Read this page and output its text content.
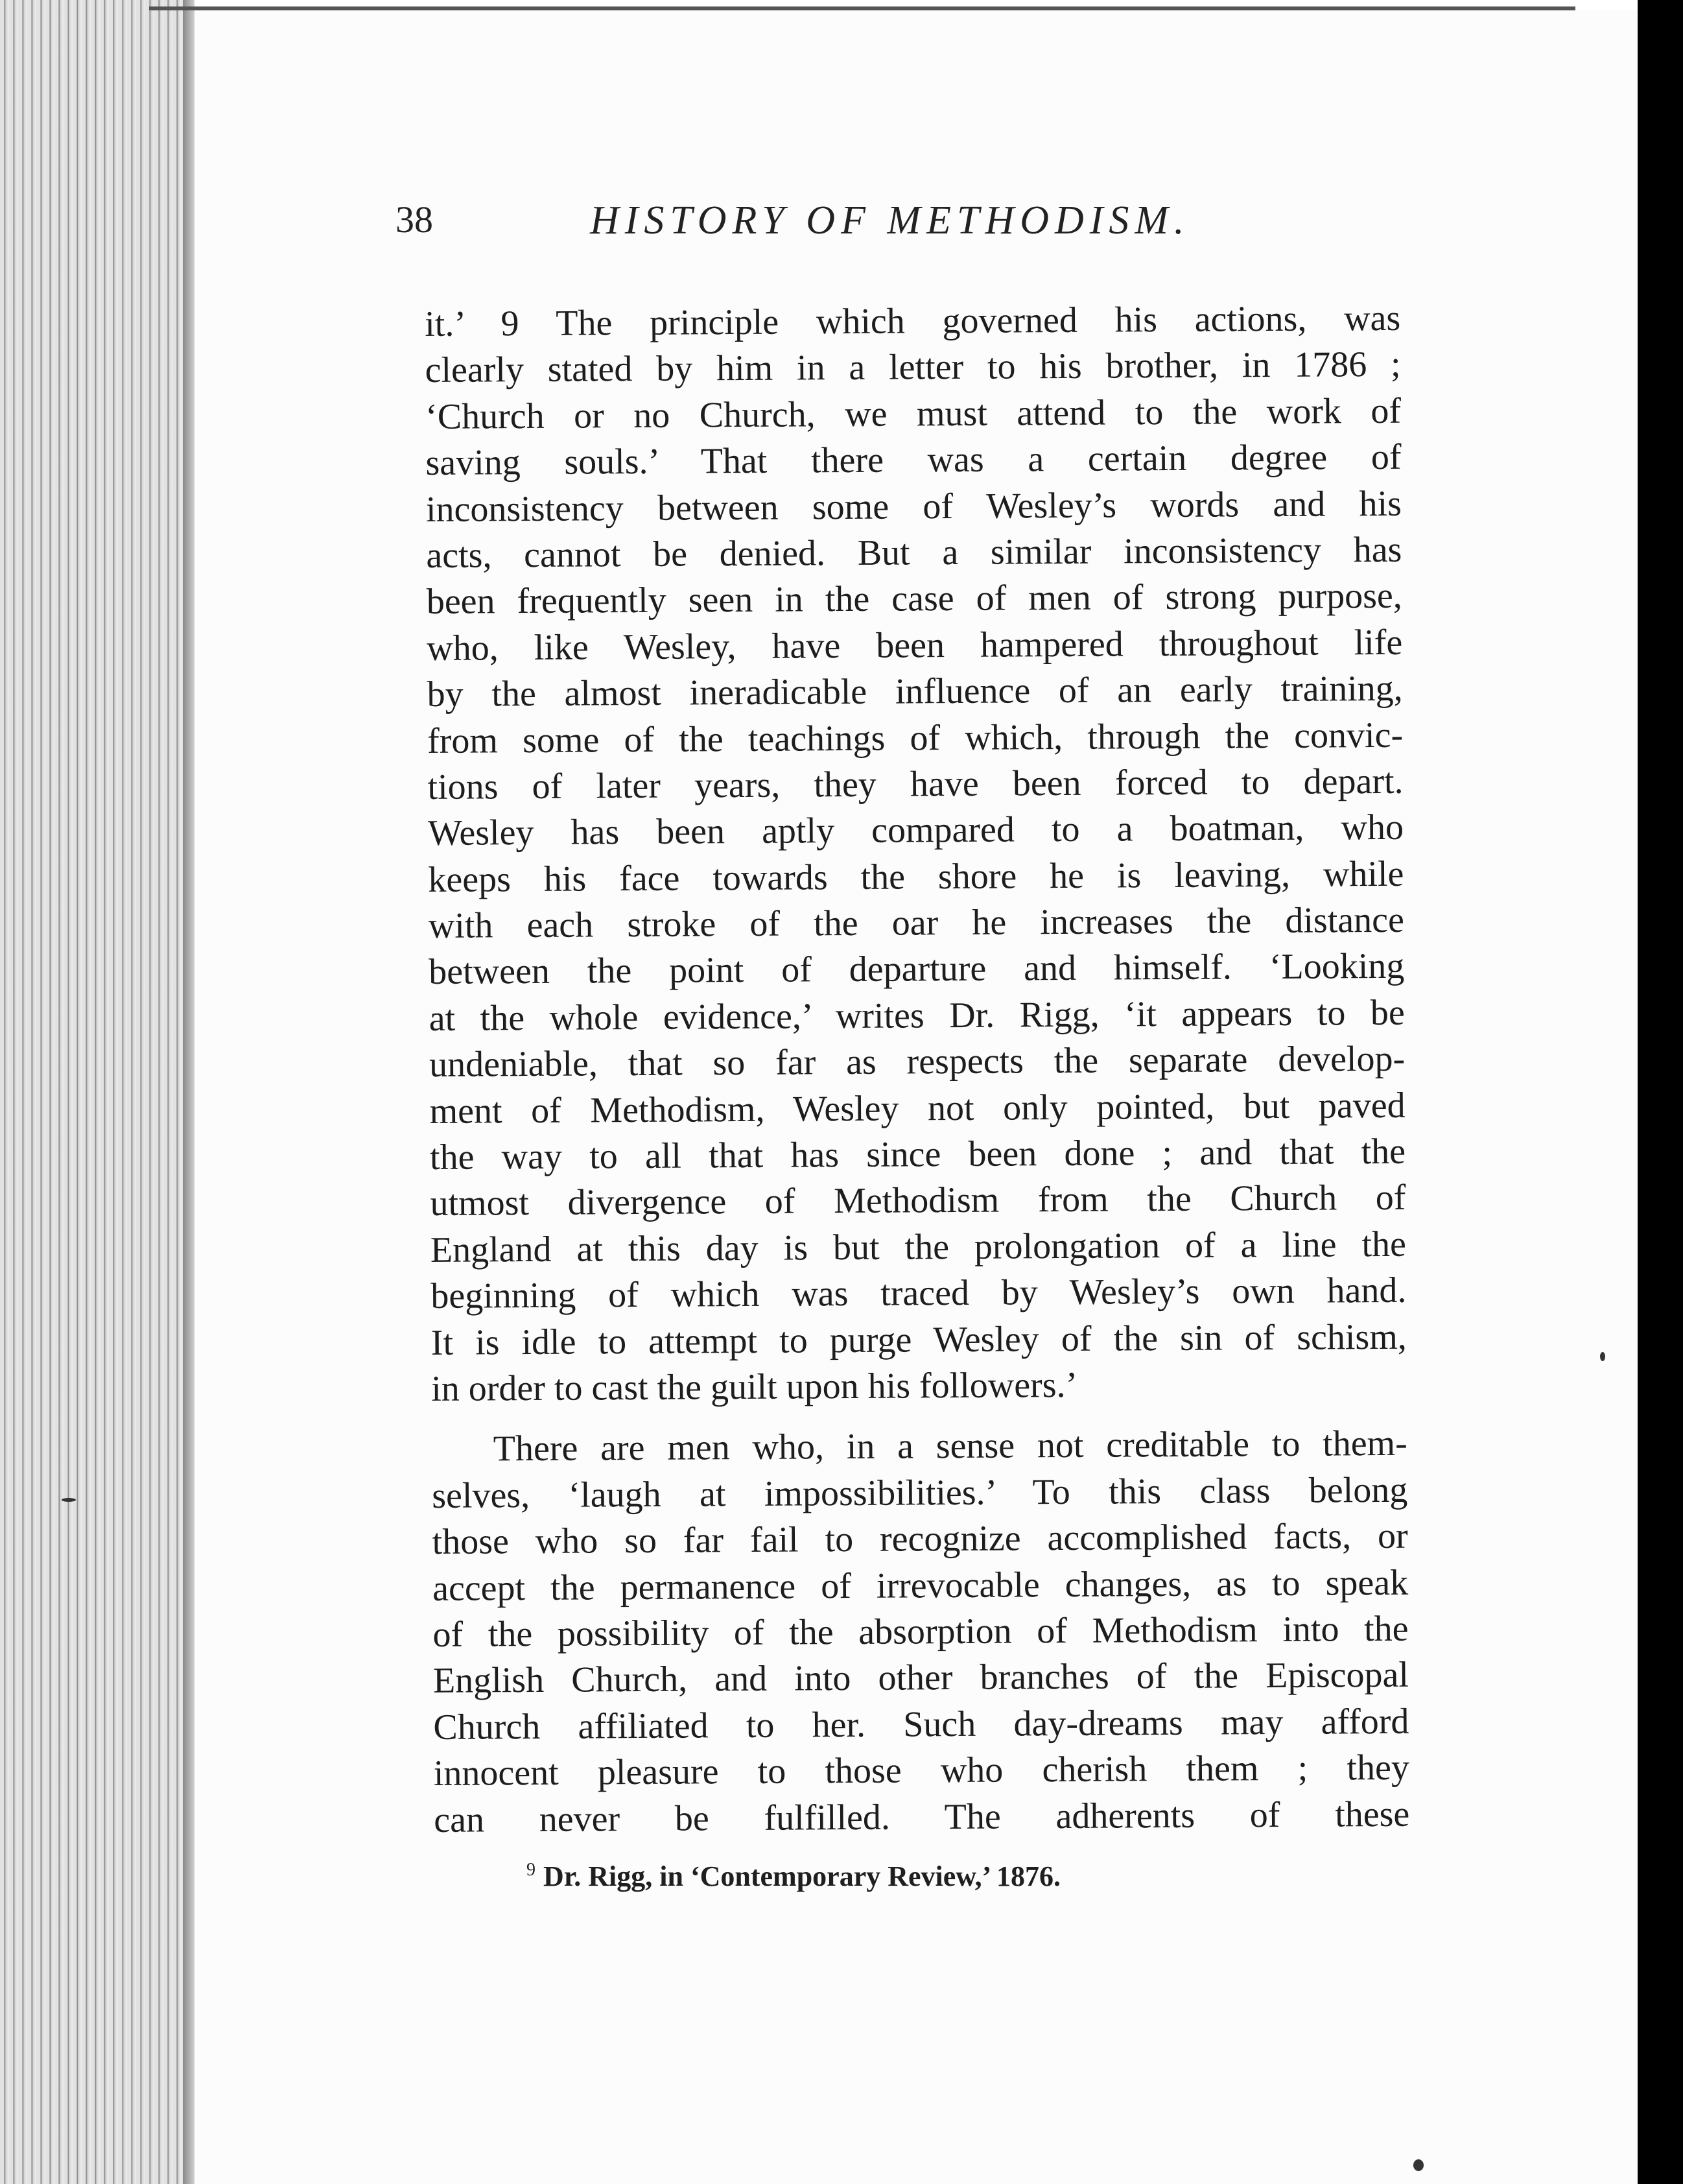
38	HISTORY OF METHODISM.
it.’ 9 The principle which governed his actions, was
clearly stated by him in a letter to his brother, in 1786 ;
‘Church or no Church, we must attend to the work of
saving souls.’ That there was a certain degree of
inconsistency between some of Wesley’s words and his
acts, cannot be denied. But a similar inconsistency has
been frequently seen in the case of men of strong purpose,
who, like Wesley, have been hampered throughout life
by the almost ineradicable influence of an early training,
from some of the teachings of which, through the convic-
tions of later years, they have been forced to depart.
Wesley has been aptly compared to a boatman, who
keeps his face towards the shore he is leaving, while
with each stroke of the oar he increases the distance
between the point of departure and himself. ‘Looking
at the whole evidence,’ writes Dr. Rigg, ‘it appears to be
undeniable, that so far as respects the separate develop-
ment of Methodism, Wesley not only pointed, but paved
the way to all that has since been done ; and that the
utmost divergence of Methodism from the Church of
England at this day is but the prolongation of a line the
beginning of which was traced by Wesley’s own hand.
It is idle to attempt to purge Wesley of the sin of schism,
in order to cast the guilt upon his followers.’
There are men who, in a sense not creditable to them-
selves, ‘laugh at impossibilities.’ To this class belong
those who so far fail to recognize accomplished facts, or
accept the permanence of irrevocable changes, as to speak
of the possibility of the absorption of Methodism into the
English Church, and into other branches of the Episcopal
Church affiliated to her. Such day-dreams may afford
innocent pleasure to those who cherish them ; they
can never be fulfilled. The adherents of these
$^9$ Dr. Rigg, in ‘Contemporary Review,’ 1876.
